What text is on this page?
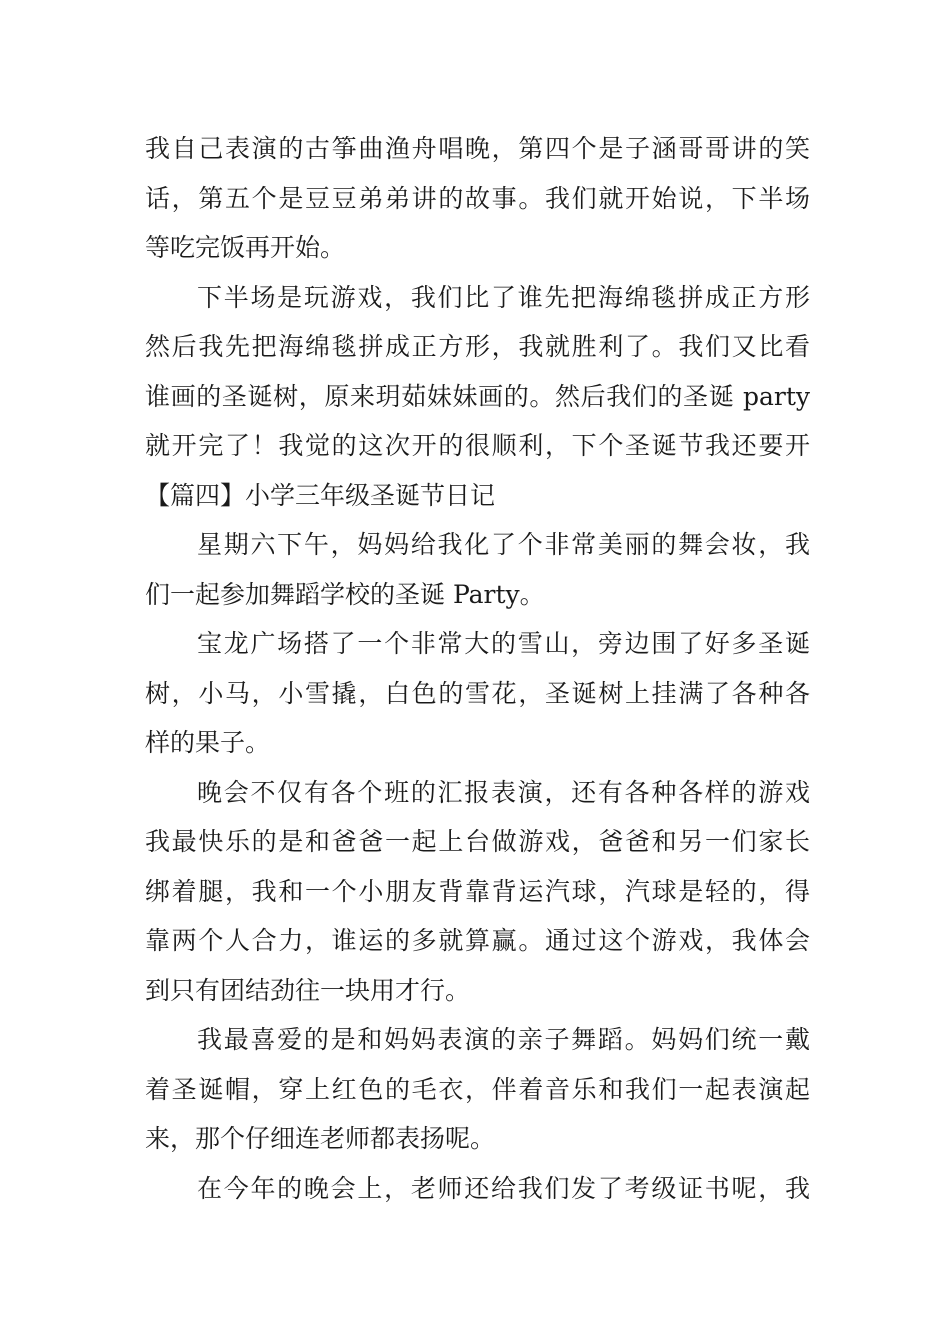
我自己表演的古筝曲渔舟唱晚，第四个是子涵哥哥讲的笑
话，第五个是豆豆弟弟讲的故事。我们就开始说，下半场
等吃完饭再开始。
下半场是玩游戏，我们比了谁先把海绵毯拼成正方形
然后我先把海绵毯拼成正方形，我就胜利了。我们又比看
谁画的圣诞树，原来玥茹妹妹画的。然后我们的圣诞 party
就开完了！我觉的这次开的很顺利，下个圣诞节我还要开
【篇四】小学三年级圣诞节日记
星期六下午，妈妈给我化了个非常美丽的舞会妆，我
们一起参加舞蹈学校的圣诞 Party。
宝龙广场搭了一个非常大的雪山，旁边围了好多圣诞
树，小马，小雪撬，白色的雪花，圣诞树上挂满了各种各
样的果子。
晚会不仅有各个班的汇报表演，还有各种各样的游戏
我最快乐的是和爸爸一起上台做游戏，爸爸和另一们家长
绑着腿，我和一个小朋友背靠背运汽球，汽球是轻的，得
靠两个人合力，谁运的多就算赢。通过这个游戏，我体会
到只有团结劲往一块用才行。
我最喜爱的是和妈妈表演的亲子舞蹈。妈妈们统一戴
着圣诞帽，穿上红色的毛衣，伴着音乐和我们一起表演起
来，那个仔细连老师都表扬呢。
在今年的晚会上，老师还给我们发了考级证书呢，我
